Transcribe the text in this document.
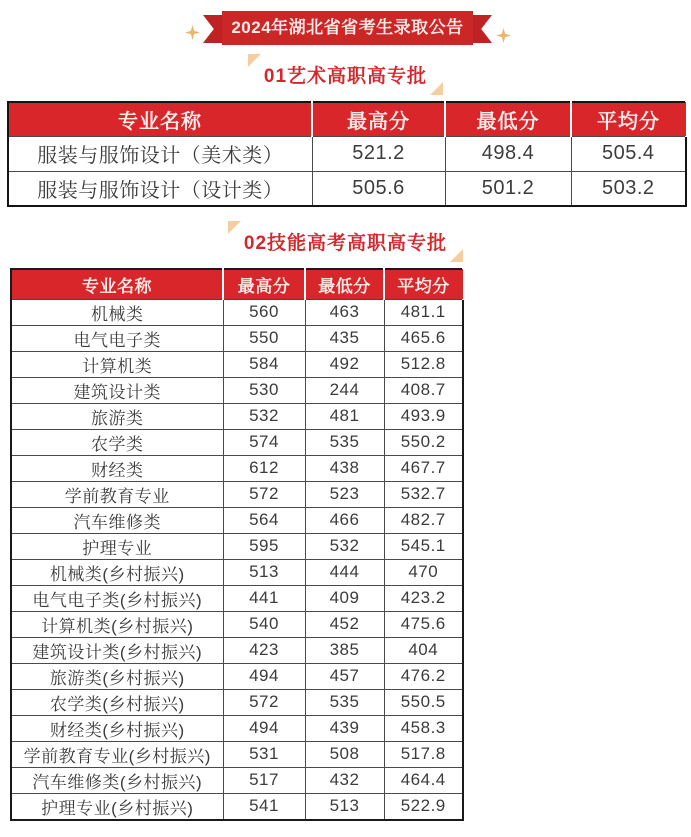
2024年湖北省省考生录取公告
01艺术高职高专批
专业名称	最高分	最低分	平均分
服装与服饰设计（美术类）	521.2	498.4	505.4
服装与服饰设计（设计类）	505.6	501.2	503.2
02技能高考高职高专批
专业名称	最高分	最低分	平均分
机械类	560	463	481.1
电气电子类	550	435	465.6
计算机类	584	492	512.8
建筑设计类	530	244	408.7
旅游类	532	481	493.9
农学类	574	535	550.2
财经类	612	438	467.7
学前教育专业	572	523	532.7
汽车维修类	564	466	482.7
护理专业	595	532	545.1
机械类(乡村振兴)	513	444	470
电气电子类(乡村振兴)	441	409	423.2
计算机类(乡村振兴)	540	452	475.6
建筑设计类(乡村振兴)	423	385	404
旅游类(乡村振兴)	494	457	476.2
农学类(乡村振兴)	572	535	550.5
财经类(乡村振兴)	494	439	458.3
学前教育专业(乡村振兴)	531	508	517.8
汽车维修类(乡村振兴)	517	432	464.4
护理专业(乡村振兴)	541	513	522.9
